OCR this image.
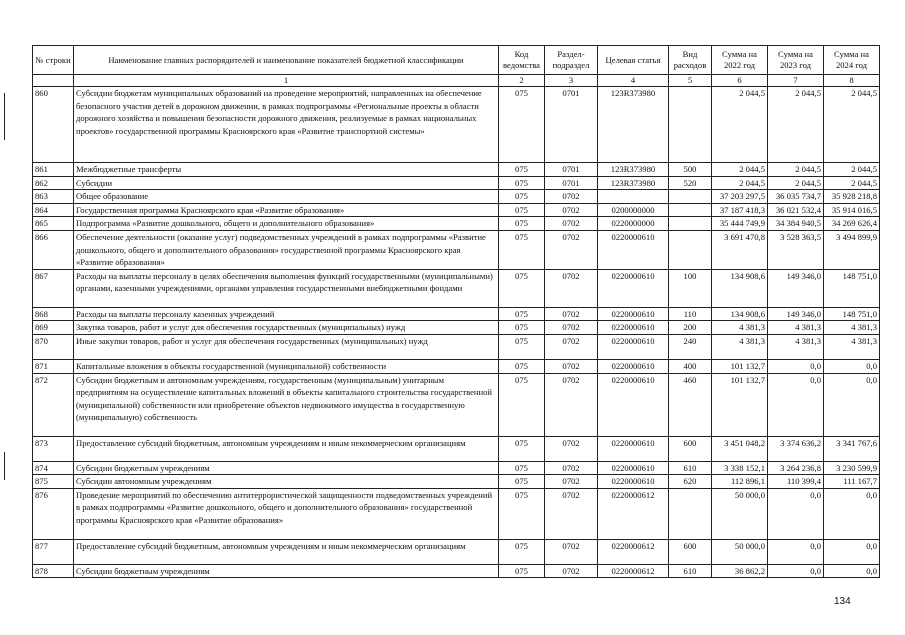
№ строки	Наименование главных распорядителей и наименование показателей бюджетной классификации	Код ведомства	Раздел-подраздел	Целевая статья	Вид расходов	Сумма на 2022 год	Сумма на 2023 год	Сумма на 2024 год
	1	2	3	4	5	6	7	8
860	Субсидии бюджетам муниципальных образований на проведение мероприятий, направленных на обеспечение безопасного участия детей в дорожном движении, в рамках подпрограммы «Региональные проекты в области дорожного хозяйства и повышения безопасности дорожного движения, реализуемые в рамках национальных проектов» государственной программы Красноярского края «Развитие транспортной системы»	075	0701	123R373980		2 044,5	2 044,5	2 044,5
861	Межбюджетные трансферты	075	0701	123R373980	500	2 044,5	2 044,5	2 044,5
862	Субсидии	075	0701	123R373980	520	2 044,5	2 044,5	2 044,5
863	Общее образование	075	0702			37 203 297,5	36 035 734,7	35 928 218,8
864	Государственная программа Красноярского края «Развитие образования»	075	0702	0200000000		37 187 418,3	36 021 532,4	35 914 016,5
865	Подпрограмма «Развитие дошкольного, общего и дополнительного образования»	075	0702	0220000000		35 444 749,9	34 384 940,5	34 269 626,4
866	Обеспечение деятельности (оказание услуг) подведомственных учреждений в рамках подпрограммы «Развитие дошкольного, общего и дополнительного образования» государственной программы Красноярского края «Развитие образования»	075	0702	0220000610		3 691 470,8	3 528 363,5	3 494 899,9
867	Расходы на выплаты персоналу в целях обеспечения выполнения функций государственными (муниципальными) органами, казенными учреждениями, органами управления государственными внебюджетными фондами	075	0702	0220000610	100	134 908,6	149 346,0	148 751,0
868	Расходы на выплаты персоналу казенных учреждений	075	0702	0220000610	110	134 908,6	149 346,0	148 751,0
869	Закупка товаров, работ и услуг для обеспечения государственных (муниципальных) нужд	075	0702	0220000610	200	4 381,3	4 381,3	4 381,3
870	Иные закупки товаров, работ и услуг для обеспечения государственных (муниципальных) нужд	075	0702	0220000610	240	4 381,3	4 381,3	4 381,3
871	Капитальные вложения в объекты государственной (муниципальной) собственности	075	0702	0220000610	400	101 132,7	0,0	0,0
872	Субсидии бюджетным и автономным учреждениям, государственным (муниципальным) унитарным предприятиям на осуществление капитальных вложений в объекты капитального строительства государственной (муниципальной) собственности или приобретение объектов недвижимого имущества в государственную (муниципальную) собственность	075	0702	0220000610	460	101 132,7	0,0	0,0
873	Предоставление субсидий бюджетным, автономным учреждениям и иным некоммерческим организациям	075	0702	0220000610	600	3 451 048,2	3 374 636,2	3 341 767,6
874	Субсидии бюджетным учреждениям	075	0702	0220000610	610	3 338 152,1	3 264 236,8	3 230 599,9
875	Субсидии автономным учреждениям	075	0702	0220000610	620	112 896,1	110 399,4	111 167,7
876	Проведение мероприятий по обеспечению антитеррористической защищенности подведомственных учреждений в рамках подпрограммы «Развитие дошкольного, общего и дополнительного образования» государственной программы Красноярского края «Развитие образования»	075	0702	0220000612		50 000,0	0,0	0,0
877	Предоставление субсидий бюджетным, автономным учреждениям и иным некоммерческим организациям	075	0702	0220000612	600	50 000,0	0,0	0,0
878	Субсидии бюджетным учреждениям	075	0702	0220000612	610	36 862,2	0,0	0,0
134
